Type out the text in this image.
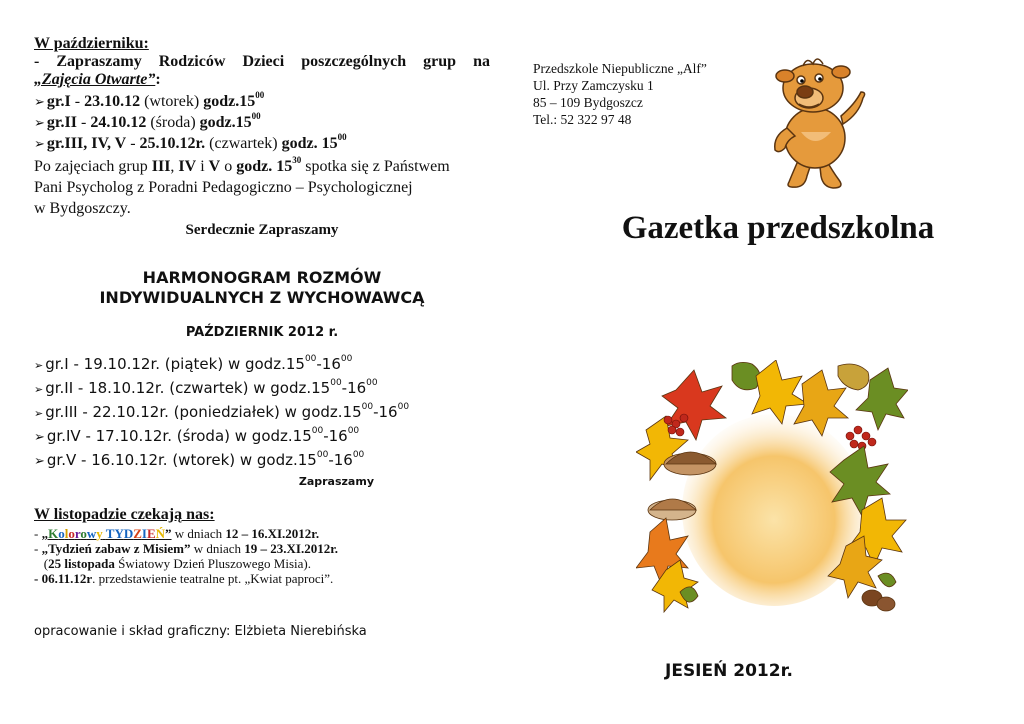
W październiku:
- Zapraszamy Rodziców Dzieci poszczególnych grup na
„Zajęcia Otwarte”:
➢ gr.I - 23.10.12 (wtorek) $godz.15^{00}$
➢ gr.II - 24.10.12 (środa) $godz.15^{00}$
➢ gr.III, IV, V - 25.10.12r. (czwartek) godz. $15^{00}$
Po zajęciach grup III, IV i V o godz. $15^{30}$ spotka się z Państwem
Pani Psycholog z Poradni Pedagogiczno – Psychologicznej
w Bydgoszczy.
Serdecznie Zapraszamy
HARMONOGRAM ROZMÓW
INDYWIDUALNYCH Z WYCHOWAWCĄ
PAŹDZIERNIK 2012 r.
➢ gr.I - 19.10.12r. (piątek) w $godz.15^{00}-16^{00}$
➢ gr.II - 18.10.12r. (czwartek) w $godz.15^{00}-16^{00}$
➢ gr.III - 22.10.12r. (poniedziałek) w $godz.15^{00}-16^{00}$
➢ gr.IV - 17.10.12r. (środa) w $godz.15^{00}-16^{00}$
➢ gr.V - 16.10.12r. (wtorek) w $godz.15^{00}-16^{00}$
Zapraszamy
W listopadzie czekają nas:
- „Kolorowy TYDZIEŃ” w dniach 12 – 16.XI.2012r.
- „Tydzień zabaw z Misiem” w dniach 19 – 23.XI.2012r.
(25 listopada Światowy Dzień Pluszowego Misia).
- 06.11.12r. przedstawienie teatralne pt. „Kwiat paproci”.
opracowanie i skład graficzny: Elżbieta Nierebińska
Przedszkole Niepubliczne „Alf”
Ul. Przy Zamczysku 1
85 – 109 Bydgoszcz
Tel.: 52 322 97 48
Gazetka przedszkolna
JESIEŃ 2012r.
